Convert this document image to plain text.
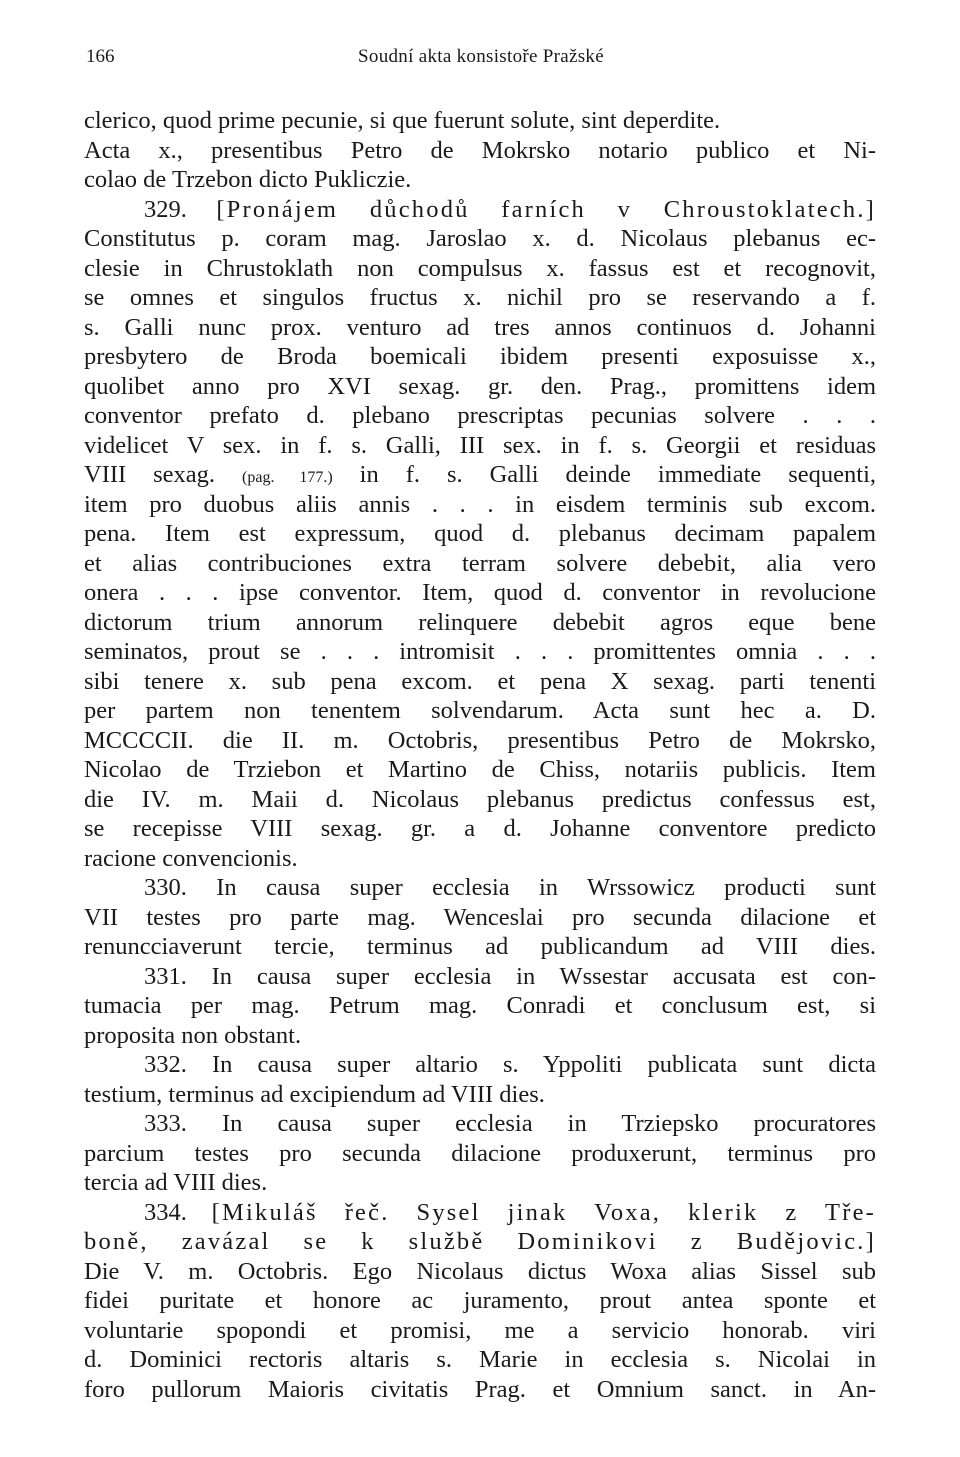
166	Soudní akta konsistoře Pražské
clerico, quod prime pecunie, si que fuerunt solute, sint deperdite.
Acta x., presentibus Petro de Mokrsko notario publico et Ni-
colao de Trzebon dicto Pukliczie.
329. [Pronájem důchodů farních v Chroustoklatech.]
Constitutus p. coram mag. Jaroslao x. d. Nicolaus plebanus ec-
clesie in Chrustoklath non compulsus x. fassus est et recognovit,
se omnes et singulos fructus x. nichil pro se reservando a f.
s. Galli nunc prox. venturo ad tres annos continuos d. Johanni
presbytero de Broda boemicali ibidem presenti exposuisse x.,
quolibet anno pro XVI sexag. gr. den. Prag., promittens idem
conventor prefato d. plebano prescriptas pecunias solvere . . .
videlicet V sex. in f. s. Galli, III sex. in f. s. Georgii et residuas
VIII sexag. (pag. 177.) in f. s. Galli deinde immediate sequenti,
item pro duobus aliis annis . . . in eisdem terminis sub excom.
pena. Item est expressum, quod d. plebanus decimam papalem
et alias contribuciones extra terram solvere debebit, alia vero
onera . . . ipse conventor. Item, quod d. conventor in revolucione
dictorum trium annorum relinquere debebit agros eque bene
seminatos, prout se . . . intromisit . . . promittentes omnia . . .
sibi tenere x. sub pena excom. et pena X sexag. parti tenenti
per partem non tenentem solvendarum. Acta sunt hec a. D.
MCCCCII. die II. m. Octobris, presentibus Petro de Mokrsko,
Nicolao de Trziebon et Martino de Chiss, notariis publicis. Item
die IV. m. Maii d. Nicolaus plebanus predictus confessus est,
se recepisse VIII sexag. gr. a d. Johanne conventore predicto
racione convencionis.
330. In causa super ecclesia in Wrssowicz producti sunt
VII testes pro parte mag. Wenceslai pro secunda dilacione et
renuncciaverunt tercie, terminus ad publicandum ad VIII dies.
331. In causa super ecclesia in Wssestar accusata est con-
tumacia per mag. Petrum mag. Conradi et conclusum est, si
proposita non obstant.
332. In causa super altario s. Yppoliti publicata sunt dicta
testium, terminus ad excipiendum ad VIII dies.
333. In causa super ecclesia in Trziepsko procuratores
parcium testes pro secunda dilacione produxerunt, terminus pro
tercia ad VIII dies.
334. [Mikuláš řeč. Sysel jinak Voxa, klerik z Tře-
boně, zavázal se k službě Dominikovi z Budějovic.]
Die V. m. Octobris. Ego Nicolaus dictus Woxa alias Sissel sub
fidei puritate et honore ac juramento, prout antea sponte et
voluntarie spopondi et promisi, me a servicio honorab. viri
d. Dominici rectoris altaris s. Marie in ecclesia s. Nicolai in
foro pullorum Maioris civitatis Prag. et Omnium sanct. in An-
